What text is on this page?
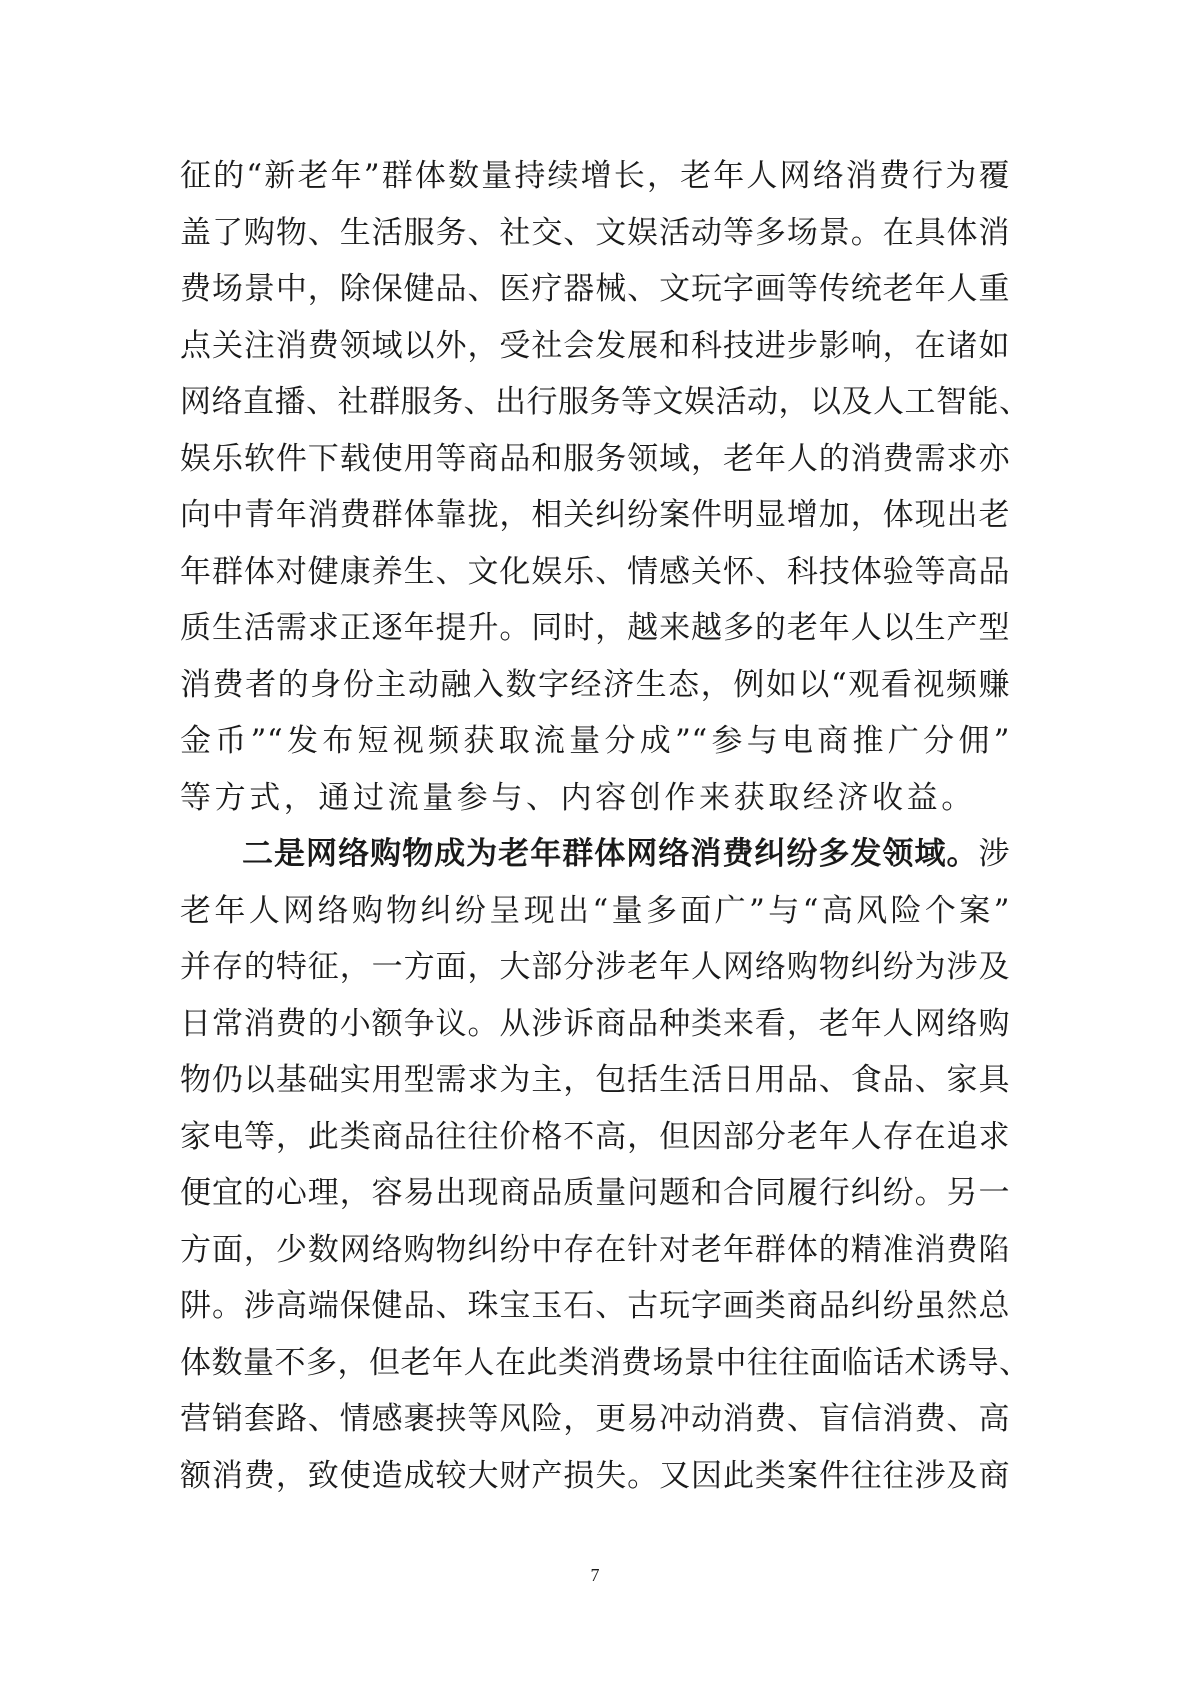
征的“新老年”群体数量持续增长，老年人网络消费行为覆
盖了购物、生活服务、社交、文娱活动等多场景。在具体消
费场景中，除保健品、医疗器械、文玩字画等传统老年人重
点关注消费领域以外，受社会发展和科技进步影响，在诸如
网络直播、社群服务、出行服务等文娱活动，以及人工智能、
娱乐软件下载使用等商品和服务领域，老年人的消费需求亦
向中青年消费群体靠拢，相关纠纷案件明显增加，体现出老
年群体对健康养生、文化娱乐、情感关怀、科技体验等高品
质生活需求正逐年提升。同时，越来越多的老年人以生产型
消费者的身份主动融入数字经济生态，例如以“观看视频赚
金币”“发布短视频获取流量分成”“参与电商推广分佣”
等方式，通过流量参与、内容创作来获取经济收益。
二是网络购物成为老年群体网络消费纠纷多发领域。涉
老年人网络购物纠纷呈现出“量多面广”与“高风险个案”
并存的特征，一方面，大部分涉老年人网络购物纠纷为涉及
日常消费的小额争议。从涉诉商品种类来看，老年人网络购
物仍以基础实用型需求为主，包括生活日用品、食品、家具
家电等，此类商品往往价格不高，但因部分老年人存在追求
便宜的心理，容易出现商品质量问题和合同履行纠纷。另一
方面，少数网络购物纠纷中存在针对老年群体的精准消费陷
阱。涉高端保健品、珠宝玉石、古玩字画类商品纠纷虽然总
体数量不多，但老年人在此类消费场景中往往面临话术诱导、
营销套路、情感裹挟等风险，更易冲动消费、盲信消费、高
额消费，致使造成较大财产损失。又因此类案件往往涉及商
7
